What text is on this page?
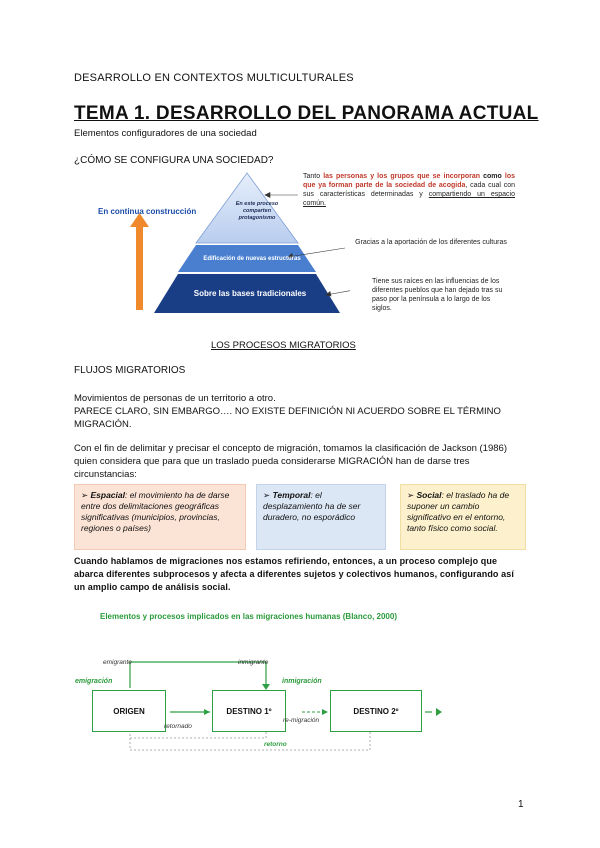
DESARROLLO EN CONTEXTOS MULTICULTURALES
TEMA 1. DESARROLLO DEL PANORAMA ACTUAL
Elementos configuradores de una sociedad
¿CÓMO SE CONFIGURA UNA SOCIEDAD?
En continua construcción
En este proceso comparten protagonismo
Edificación de nuevas estructuras
Sobre las bases tradicionales
Tanto las personas y los grupos que se incorporan como los que ya forman parte de la sociedad de acogida, cada cual con sus características determinadas y compartiendo un espacio común.
Gracias a la aportación de los diferentes culturas
Tiene sus raíces en las influencias de los diferentes pueblos que han dejado tras su paso por la península a lo largo de los siglos.
LOS PROCESOS MIGRATORIOS
FLUJOS MIGRATORIOS
Movimientos de personas de un territorio a otro.
PARECE CLARO, SIN EMBARGO…. NO EXISTE DEFINICIÓN NI ACUERDO SOBRE EL TÉRMINO MIGRACIÓN.
Con el fin de delimitar y precisar el concepto de migración, tomamos la clasificación de Jackson (1986) quien considera que para que un traslado pueda considerarse MIGRACIÓN han de darse tres circunstancias:
➢ Espacial: el movimiento ha de darse entre dos delimitaciones geográficas significativas (municipios, provincias, regiones o países)
➢ Temporal: el desplazamiento ha de ser duradero, no esporádico
➢ Social: el traslado ha de suponer un cambio significativo en el entorno, tanto físico como social.
Cuando hablamos de migraciones nos estamos refiriendo, entonces, a un proceso complejo que abarca diferentes subprocesos y afecta a diferentes sujetos y colectivos humanos, configurando así un amplio campo de análisis social.
Elementos y procesos implicados en las migraciones humanas (Blanco, 2000)
emigrante	inmigrante
emigración	inmigración
ORIGEN	DESTINO 1º	DESTINO 2º
retornado
re-migración
retorno
1
